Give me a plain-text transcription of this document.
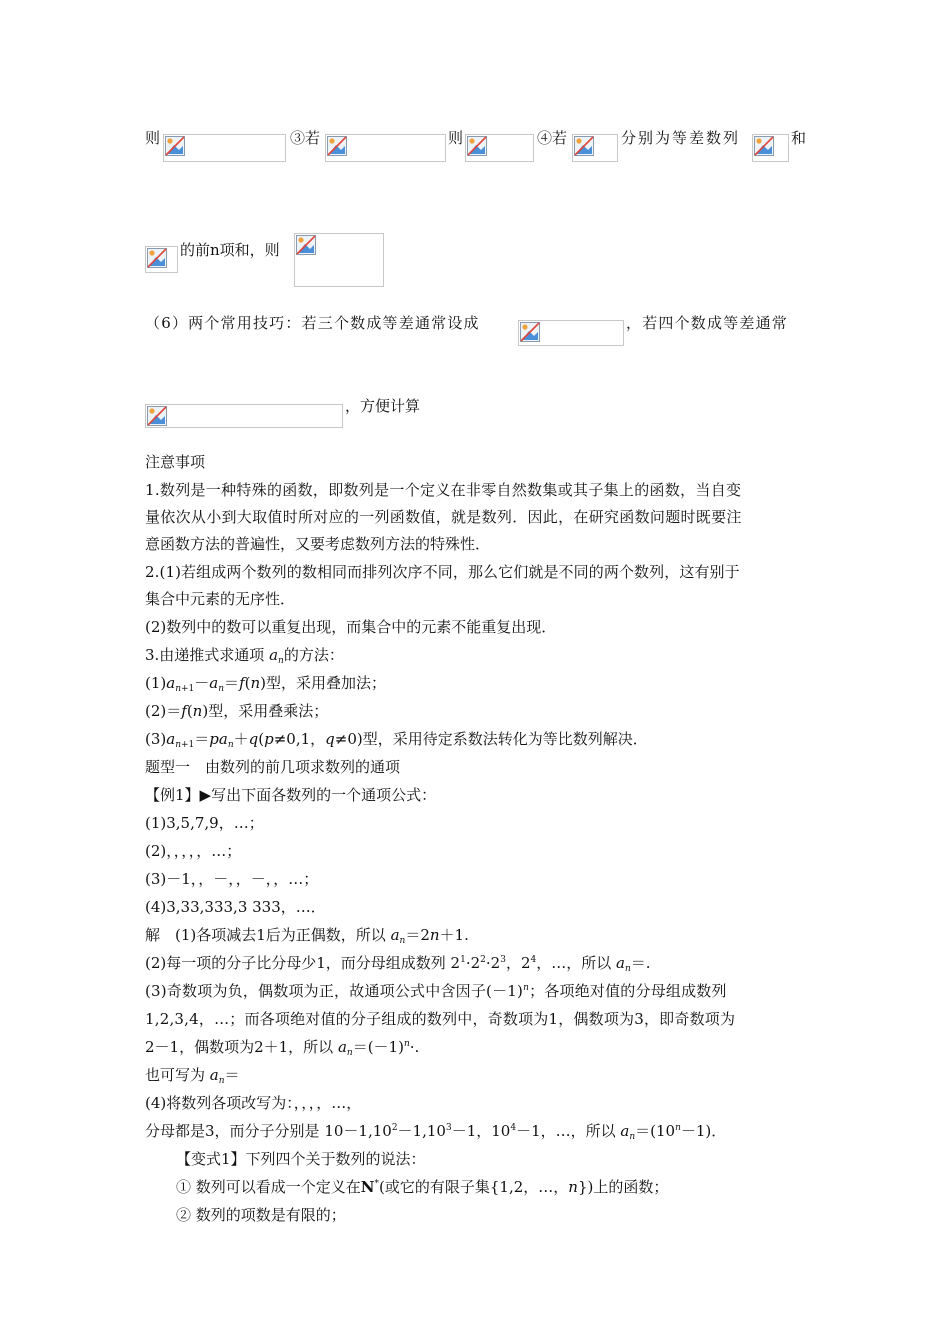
则	③若	则	④若	分别为等差数列	和
的前n项和，则
（6）两个常用技巧：若三个数成等差通常设成	，若四个数成等差通常
，方便计算
注意事项
1.数列是一种特殊的函数，即数列是一个定义在非零自然数集或其子集上的函数，当自变
量依次从小到大取值时所对应的一列函数值，就是数列．因此，在研究函数问题时既要注
意函数方法的普遍性，又要考虑数列方法的特殊性．
2.(1)若组成两个数列的数相同而排列次序不同，那么它们就是不同的两个数列，这有别于
集合中元素的无序性．
(2)数列中的数可以重复出现，而集合中的元素不能重复出现．
3.由递推式求通项 $a_n$的方法：
$(1)a_{n+1}-a_n=f(n)$型，采用叠加法；
(2)＝f(n)型，采用叠乘法；
$(3)a_{n+1}=pa_n+q(p\ne 0,1$，q≠0)型，采用待定系数法转化为等比数列解决．
题型一　由数列的前几项求数列的通项
【例1】▶写出下面各数列的一个通项公式：
(1)3,5,7,9，…；
(2)，，，，，…；
(3)－1，，－，，－，，…；
(4)3,33,333,3 333，…．
解　(1)各项减去1后为正偶数，所以 $a_n=2n+1$.
(2)每一项的分子比分母少1，而分母组成数列 $2^1\cdot 2^2\cdot 2^3$，$2^4$，…，所以 $a_n=$.
(3)奇数项为负，偶数项为正，故通项公式中含因子$(-1)^n$；各项绝对值的分母组成数列
1,2,3,4，…；而各项绝对值的分子组成的数列中，奇数项为1，偶数项为3，即奇数项为
2－1，偶数项为2＋1，所以 $a_n=(-1)^n\cdot$.
也可写为 $a_n=$
(4)将数列各项改写为：，，，，…，
分母都是3，而分子分别是 $10-1,10^2-1,10^3-1$，$10^4-1$，…，所以 $a_n=(10^n-1)$．
【变式1】下列四个关于数列的说法：
① 数列可以看成一个定义在N*(或它的有限子集{1,2，…，n})上的函数；
② 数列的项数是有限的；
